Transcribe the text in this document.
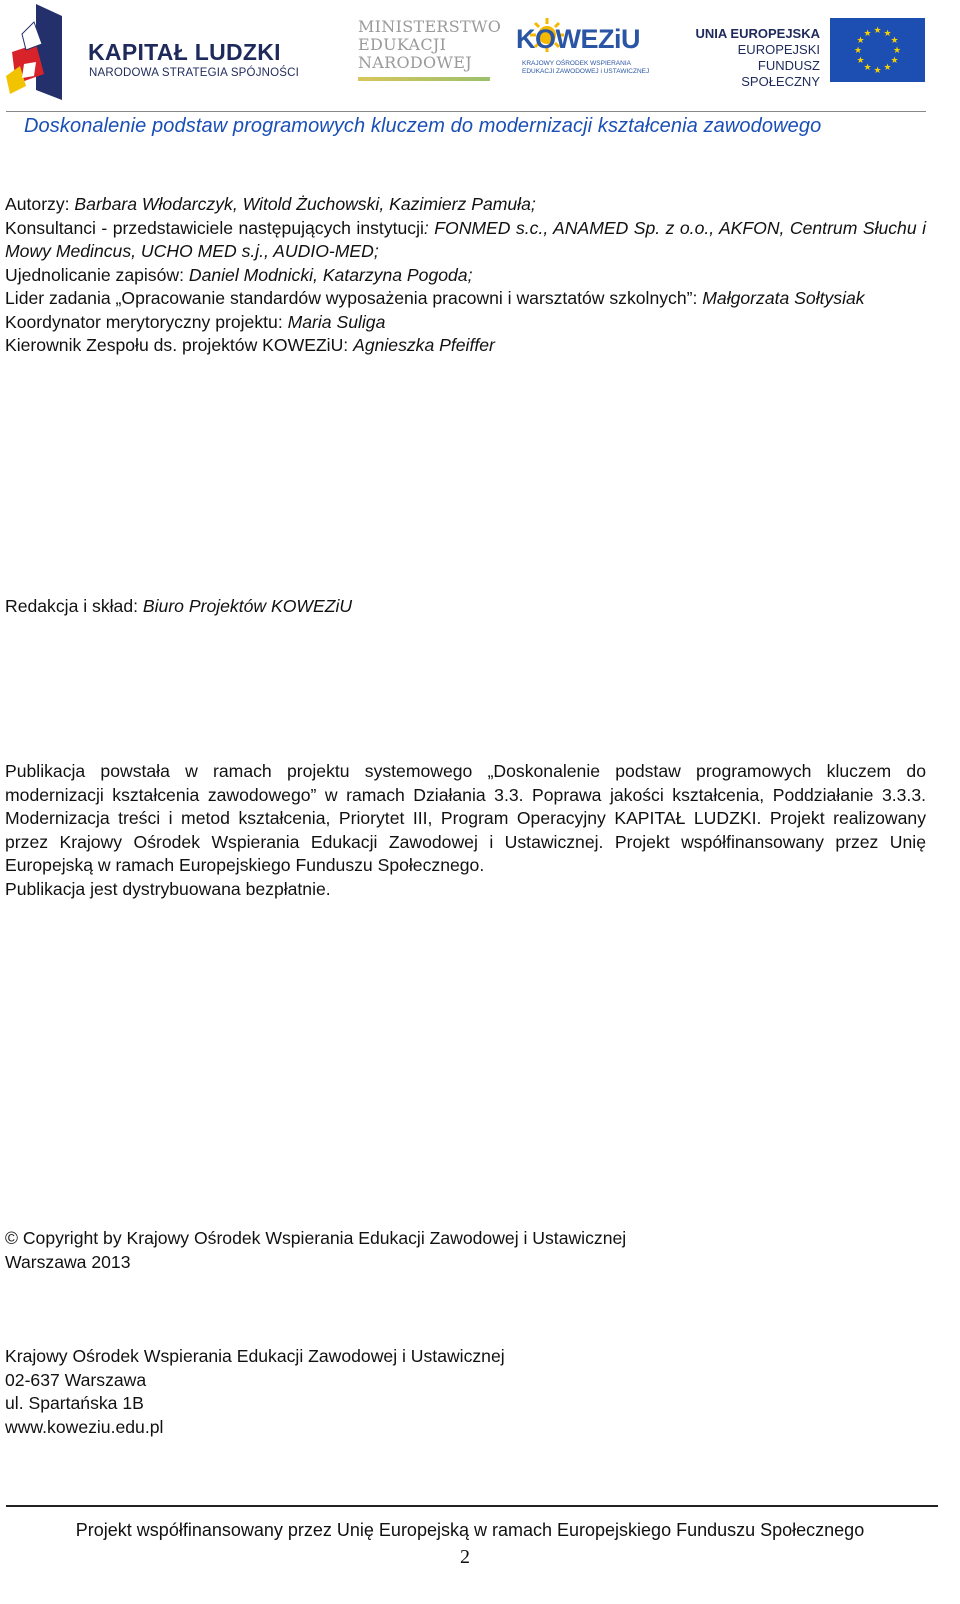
KAPITAŁ LUDZKI
NARODOWA STRATEGIA SPÓJNOŚCI
MINISTERSTWO
EDUKACJI
NARODOWEJ
KOWEZiU
KRAJOWY OŚRODEK WSPIERANIA
EDUKACJI ZAWODOWEJ i USTAWICZNEJ
UNIA EUROPEJSKA
EUROPEJSKI
FUNDUSZ SPOŁECZNY
★ ★
★
★
★
★
★
★
★
★
★
★
Doskonalenie podstaw programowych kluczem do modernizacji kształcenia zawodowego

Autorzy: Barbara Włodarczyk, Witold Żuchowski, Kazimierz Pamuła;

Konsultanci - przedstawiciele następujących instytucji: FONMED s.c., ANAMED Sp. z o.o., AKFON, Centrum Słuchu i Mowy Medincus, UCHO MED s.j., AUDIO-MED;

Ujednolicanie zapisów: Daniel Modnicki, Katarzyna Pogoda;

Lider zadania „Opracowanie standardów wyposażenia pracowni i warsztatów szkolnych”: Małgorzata Sołtysiak

Koordynator merytoryczny projektu: Maria Suliga

Kierownik Zespołu ds. projektów KOWEZiU: Agnieszka Pfeiffer

Redakcja i skład: Biuro Projektów KOWEZiU

Publikacja powstała w ramach projektu systemowego „Doskonalenie podstaw programowych kluczem do modernizacji kształcenia zawodowego” w ramach Działania 3.3. Poprawa jakości kształcenia, Poddziałanie 3.3.3. Modernizacja treści i metod kształcenia, Priorytet III, Program Operacyjny KAPITAŁ LUDZKI. Projekt realizowany przez Krajowy Ośrodek Wspierania Edukacji Zawodowej i Ustawicznej. Projekt współfinansowany przez Unię Europejską w ramach Europejskiego Funduszu Społecznego.

Publikacja jest dystrybuowana bezpłatnie.

© Copyright by Krajowy Ośrodek Wspierania Edukacji Zawodowej i Ustawicznej

Warszawa 2013

Krajowy Ośrodek Wspierania Edukacji Zawodowej i Ustawicznej

02-637 Warszawa

ul. Spartańska 1B

www.koweziu.edu.pl

Projekt współfinansowany przez Unię Europejską w ramach Europejskiego Funduszu Społecznego
2
